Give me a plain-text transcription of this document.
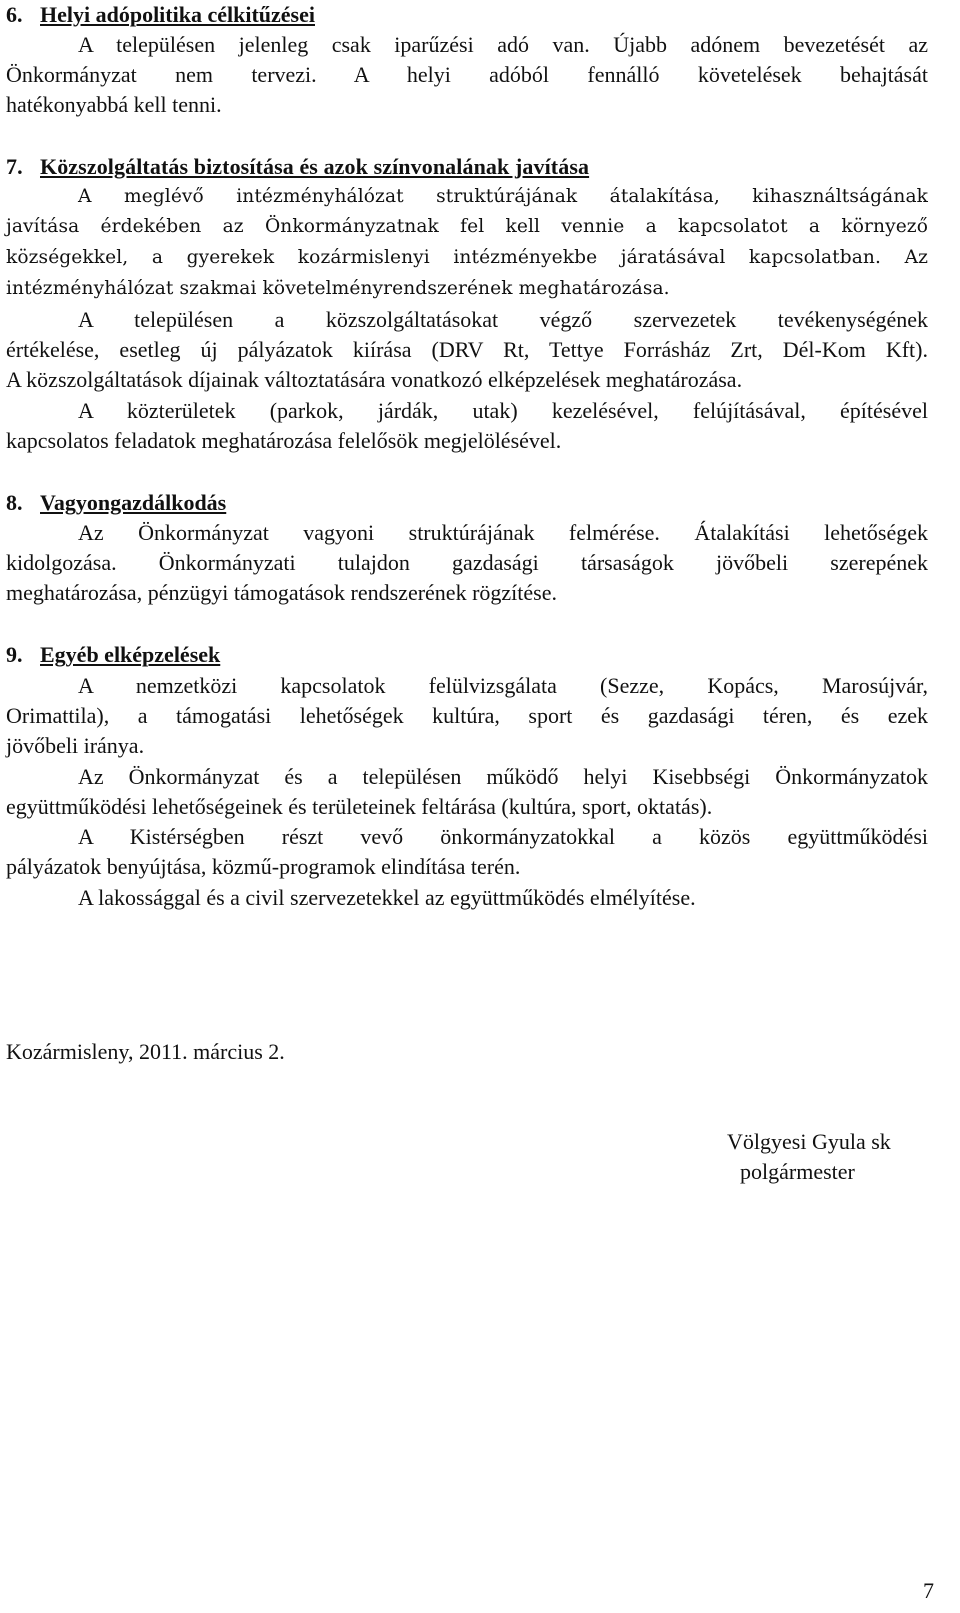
6. Helyi adópolitika célkitűzései
A településen jelenleg csak iparűzési adó van. Újabb adónem bevezetését az
Önkormányzat nem tervezi. A helyi adóból fennálló követelések behajtását
hatékonyabbá kell tenni.
7. Közszolgáltatás biztosítása és azok színvonalának javítása
A meglévő intézményhálózat struktúrájának átalakítása, kihasználtságának
javítása érdekében az Önkormányzatnak fel kell vennie a kapcsolatot a környező
községekkel, a gyerekek kozármislenyi intézményekbe járatásával kapcsolatban. Az
intézményhálózat szakmai követelményrendszerének meghatározása.
A településen a közszolgáltatásokat végző szervezetek tevékenységének
értékelése, esetleg új pályázatok kiírása (DRV Rt, Tettye Forrásház Zrt, Dél-Kom Kft).
A közszolgáltatások díjainak változtatására vonatkozó elképzelések meghatározása.
A közterületek (parkok, járdák, utak) kezelésével, felújításával, építésével
kapcsolatos feladatok meghatározása felelősök megjelölésével.
8. Vagyongazdálkodás
Az Önkormányzat vagyoni struktúrájának felmérése. Átalakítási lehetőségek
kidolgozása. Önkormányzati tulajdon gazdasági társaságok jövőbeli szerepének
meghatározása, pénzügyi támogatások rendszerének rögzítése.
9. Egyéb elképzelések
A nemzetközi kapcsolatok felülvizsgálata (Sezze, Kopács, Marosújvár,
Orimattila), a támogatási lehetőségek kultúra, sport és gazdasági téren, és ezek
jövőbeli iránya.
Az Önkormányzat és a településen működő helyi Kisebbségi Önkormányzatok
együttműködési lehetőségeinek és területeinek feltárása (kultúra, sport, oktatás).
A Kistérségben részt vevő önkormányzatokkal a közös együttműködési
pályázatok benyújtása, közmű-programok elindítása terén.
A lakossággal és a civil szervezetekkel az együttműködés elmélyítése.
Kozármisleny, 2011. március 2.
Völgyesi Gyula sk
polgármester
7
